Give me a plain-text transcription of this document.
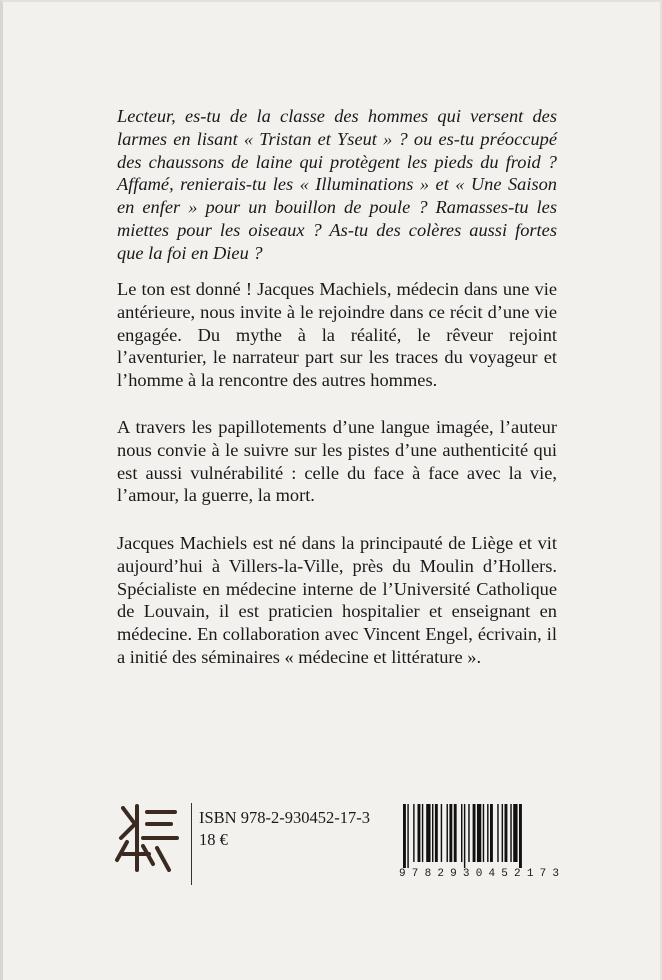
Lecteur, es-tu de la classe des hommes qui versent des larmes en lisant « Tristan et Yseut » ? ou es-tu préoccupé des chaussons de laine qui protègent les pieds du froid ? Affamé, renierais-tu les « Illuminations » et « Une Saison en enfer » pour un bouillon de poule ? Ramasses-tu les miettes pour les oiseaux ? As-tu des colères aussi fortes que la foi en Dieu ?

Le ton est donné ! Jacques Machiels, médecin dans une vie antérieure, nous invite à le rejoindre dans ce récit d’une vie engagée. Du mythe à la réalité, le rêveur rejoint l’aventurier, le narrateur part sur les traces du voyageur et l’homme à la rencontre des autres hommes.

A travers les papillotements d’une langue imagée, l’auteur nous convie à le suivre sur les pistes d’une authenticité qui est aussi vulnérabilité : celle du face à face avec la vie, l’amour, la guerre, la mort.

Jacques Machiels est né dans la principauté de Liège et vit aujourd’hui à Villers-la-Ville, près du Moulin d’Hollers. Spécialiste en médecine interne de l’Université Catholique de Louvain, il est praticien hospitalier et enseignant en médecine. En collaboration avec Vincent Engel, écrivain, il a initié des séminaires « médecine et littérature ».

ISBN 978-2-930452-17-3
18 €
9 7 8 2 9 3 0 4 5 2 1 7 3
